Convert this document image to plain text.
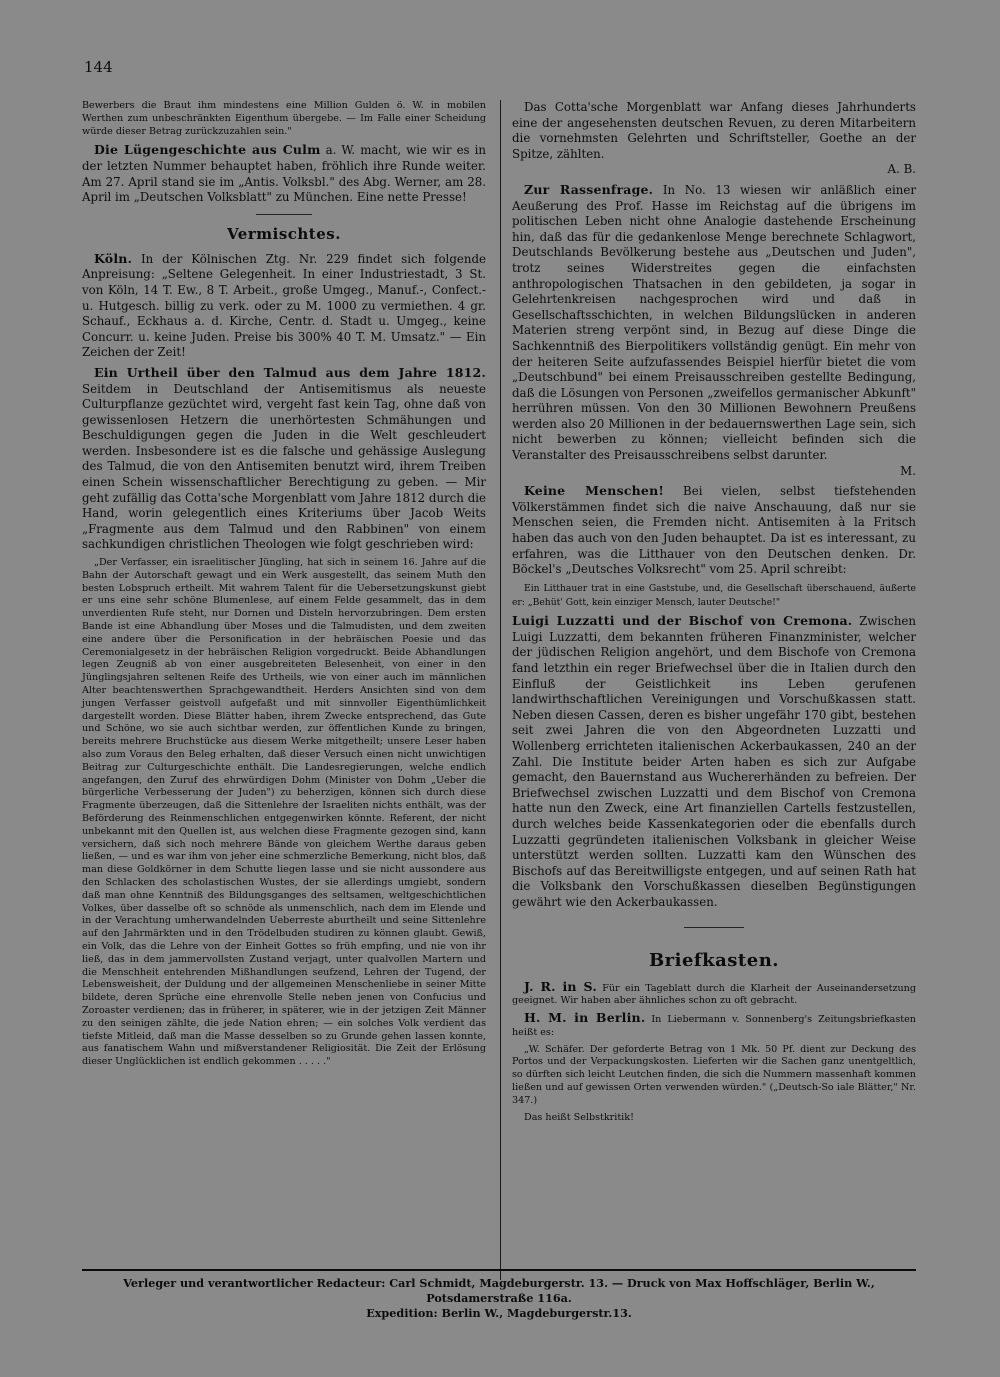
144

Bewerbers die Braut ihm mindestens eine Million Gulden ö. W. in mobilen Werthen zum unbeschränkten Eigenthum übergebe. — Im Falle einer Scheidung würde dieser Betrag zurückzuzahlen sein."

Die Lügengeschichte aus Culm a. W. macht, wie wir es in der letzten Nummer behauptet haben, fröhlich ihre Runde weiter. Am 27. April stand sie im „Antis. Volksbl." des Abg. Werner, am 28. April im „Deutschen Volksblatt" zu München. Eine nette Presse!

Vermischtes.

Köln. In der Kölnischen Ztg. Nr. 229 findet sich folgende Anpreisung: „Seltene Gelegenheit. In einer Industriestadt, 3 St. von Köln, 14 T. Ew., 8 T. Arbeit., große Umgeg., Manuf.-, Confect.- u. Hutgesch. billig zu verk. oder zu M. 1000 zu vermiethen. 4 gr. Schauf., Eckhaus a. d. Kirche, Centr. d. Stadt u. Umgeg., keine Concurr. u. keine Juden. Preise bis 300% 40 T. M. Umsatz." — Ein Zeichen der Zeit!

Ein Urtheil über den Talmud aus dem Jahre 1812. Seitdem in Deutschland der Antisemitismus als neueste Culturpflanze gezüchtet wird, vergeht fast kein Tag, ohne daß von gewissenlosen Hetzern die unerhörtesten Schmähungen und Beschuldigungen gegen die Juden in die Welt geschleudert werden. Insbesondere ist es die falsche und gehässige Auslegung des Talmud, die von den Antisemiten benutzt wird, ihrem Treiben einen Schein wissenschaftlicher Berechtigung zu geben. — Mir geht zufällig das Cotta'sche Morgenblatt vom Jahre 1812 durch die Hand, worin gelegentlich eines Kriteriums über Jacob Weits „Fragmente aus dem Talmud und den Rabbinen" von einem sachkundigen christlichen Theologen wie folgt geschrieben wird:

„Der Verfasser, ein israelitischer Jüngling, hat sich in seinem 16. Jahre auf die Bahn der Autorschaft gewagt und ein Werk ausgestellt, das seinem Muth den besten Lobspruch ertheilt. Mit wahrem Talent für die Uebersetzungskunst giebt er uns eine sehr schöne Blumenlese, auf einem Felde gesammelt, das in dem unverdienten Rufe steht, nur Dornen und Disteln hervorzubringen. Dem ersten Bande ist eine Abhandlung über Moses und die Talmudisten, und dem zweiten eine andere über die Personification in der hebräischen Poesie und das Ceremonialgesetz in der hebräischen Religion vorgedruckt. Beide Abhandlungen legen Zeugniß ab von einer ausgebreiteten Belesenheit, von einer in den Jünglingsjahren seltenen Reife des Urtheils, wie von einer auch im männlichen Alter beachtenswerthen Sprachgewandtheit. Herders Ansichten sind von dem jungen Verfasser geistvoll aufgefaßt und mit sinnvoller Eigenthümlichkeit dargestellt worden. Diese Blätter haben, ihrem Zwecke entsprechend, das Gute und Schöne, wo sie auch sichtbar werden, zur öffentlichen Kunde zu bringen, bereits mehrere Bruchstücke aus diesem Werke mitgetheilt; unsere Leser haben also zum Voraus den Beleg erhalten, daß dieser Versuch einen nicht unwichtigen Beitrag zur Culturgeschichte enthält. Die Landesregierungen, welche endlich angefangen, den Zuruf des ehrwürdigen Dohm (Minister von Dohm „Ueber die bürgerliche Verbesserung der Juden") zu beherzigen, können sich durch diese Fragmente überzeugen, daß die Sittenlehre der Israeliten nichts enthält, was der Beförderung des Reinmenschlichen entgegenwirken könnte. Referent, der nicht unbekannt mit den Quellen ist, aus welchen diese Fragmente gezogen sind, kann versichern, daß sich noch mehrere Bände von gleichem Werthe daraus geben ließen, — und es war ihm von jeher eine schmerzliche Bemerkung, nicht blos, daß man diese Goldkörner in dem Schutte liegen lasse und sie nicht aussondere aus den Schlacken des scholastischen Wustes, der sie allerdings umgiebt, sondern daß man ohne Kenntniß des Bildungsganges des seltsamen, weltgeschichtlichen Volkes, über dasselbe oft so schnöde als unmenschlich, nach dem im Elende und in der Verachtung umherwandelnden Ueberreste aburtheilt und seine Sittenlehre auf den Jahrmärkten und in den Trödelbuden studiren zu können glaubt. Gewiß, ein Volk, das die Lehre von der Einheit Gottes so früh empfing, und nie von ihr ließ, das in dem jammervollsten Zustand verjagt, unter qualvollen Martern und die Menschheit entehrenden Mißhandlungen seufzend, Lehren der Tugend, der Lebensweisheit, der Duldung und der allgemeinen Menschenliebe in seiner Mitte bildete, deren Sprüche eine ehrenvolle Stelle neben jenen von Confucius und Zoroaster verdienen; das in früherer, in späterer, wie in der jetzigen Zeit Männer zu den seinigen zählte, die jede Nation ehren; — ein solches Volk verdient das tiefste Mitleid, daß man die Masse desselben so zu Grunde gehen lassen konnte, aus fanatischem Wahn und mißverstandener Religiosität. Die Zeit der Erlösung dieser Unglücklichen ist endlich gekommen . . . . ."

Das Cotta'sche Morgenblatt war Anfang dieses Jahrhunderts eine der angesehensten deutschen Revuen, zu deren Mitarbeitern die vornehmsten Gelehrten und Schriftsteller, Goethe an der Spitze, zählten.
A. B.

Zur Rassenfrage. In No. 13 wiesen wir anläßlich einer Aeußerung des Prof. Hasse im Reichstag auf die übrigens im politischen Leben nicht ohne Analogie dastehende Erscheinung hin, daß das für die gedankenlose Menge berechnete Schlagwort, Deutschlands Bevölkerung bestehe aus „Deutschen und Juden", trotz seines Widerstreites gegen die einfachsten anthropologischen Thatsachen in den gebildeten, ja sogar in Gelehrtenkreisen nachgesprochen wird und daß in Gesellschaftsschichten, in welchen Bildungslücken in anderen Materien streng verpönt sind, in Bezug auf diese Dinge die Sachkenntniß des Bierpolitikers vollständig genügt. Ein mehr von der heiteren Seite aufzufassendes Beispiel hierfür bietet die vom „Deutschbund" bei einem Preisausschreiben gestellte Bedingung, daß die Lösungen von Personen „zweifellos germanischer Abkunft" herrühren müssen. Von den 30 Millionen Bewohnern Preußens werden also 20 Millionen in der bedauernswerthen Lage sein, sich nicht bewerben zu können; vielleicht befinden sich die Veranstalter des Preisausschreibens selbst darunter.
M.

Keine Menschen! Bei vielen, selbst tiefstehenden Völkerstämmen findet sich die naive Anschauung, daß nur sie Menschen seien, die Fremden nicht. Antisemiten à la Fritsch haben das auch von den Juden behauptet. Da ist es interessant, zu erfahren, was die Litthauer von den Deutschen denken. Dr. Böckel's „Deutsches Volksrecht" vom 25. April schreibt:

Ein Litthauer trat in eine Gaststube, und, die Gesellschaft überschauend, äußerte er: „Behüt' Gott, kein einziger Mensch, lauter Deutsche!"

Luigi Luzzatti und der Bischof von Cremona. Zwischen Luigi Luzzatti, dem bekannten früheren Finanzminister, welcher der jüdischen Religion angehört, und dem Bischofe von Cremona fand letzthin ein reger Briefwechsel über die in Italien durch den Einfluß der Geistlichkeit ins Leben gerufenen landwirthschaftlichen Vereinigungen und Vorschußkassen statt. Neben diesen Cassen, deren es bisher ungefähr 170 gibt, bestehen seit zwei Jahren die von den Abgeordneten Luzzatti und Wollenberg errichteten italienischen Ackerbaukassen, 240 an der Zahl. Die Institute beider Arten haben es sich zur Aufgabe gemacht, den Bauernstand aus Wuchererhänden zu befreien. Der Briefwechsel zwischen Luzzatti und dem Bischof von Cremona hatte nun den Zweck, eine Art finanziellen Cartells festzustellen, durch welches beide Kassenkategorien oder die ebenfalls durch Luzzatti gegründeten italienischen Volksbank in gleicher Weise unterstützt werden sollten. Luzzatti kam den Wünschen des Bischofs auf das Bereitwilligste entgegen, und auf seinen Rath hat die Volksbank den Vorschußkassen dieselben Begünstigungen gewährt wie den Ackerbaukassen.

Briefkasten.

J. R. in S. Für ein Tageblatt durch die Klarheit der Auseinandersetzung geeignet. Wir haben aber ähnliches schon zu oft gebracht.

H. M. in Berlin. In Liebermann v. Sonnenberg's Zeitungsbriefkasten heißt es:

„W. Schäfer. Der geforderte Betrag von 1 Mk. 50 Pf. dient zur Deckung des Portos und der Verpackungskosten. Lieferten wir die Sachen ganz unentgeltlich, so dürften sich leicht Leutchen finden, die sich die Nummern massenhaft kommen ließen und auf gewissen Orten verwenden würden." („Deutsch-So iale Blätter," Nr. 347.)

Das heißt Selbstkritik!

Verleger und verantwortlicher Redacteur: Carl Schmidt, Magdeburgerstr. 13. — Druck von Max Hoffschläger, Berlin W., Potsdamerstraße 116a.
Expedition: Berlin W., Magdeburgerstr.13.
